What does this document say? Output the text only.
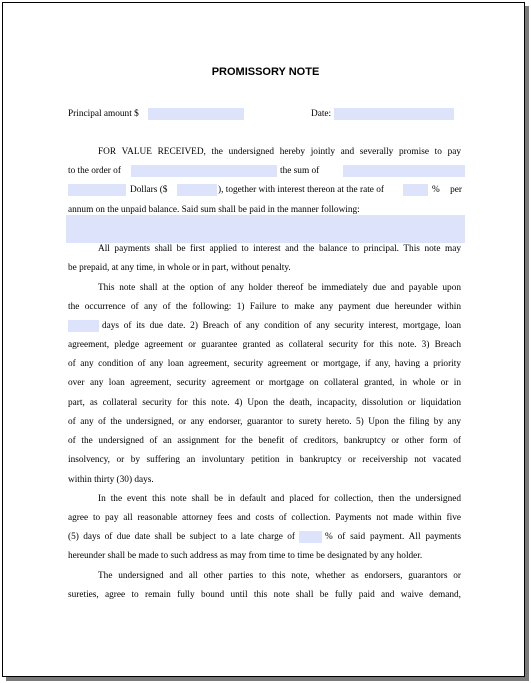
PROMISSORY NOTE
Principal amount $	Date:
FOR VALUE RECEIVED, the undersigned hereby jointly and severally promise to pay
to the order of	the sum of
Dollars ($	), together with interest thereon at the rate of	% per
annum on the unpaid balance. Said sum shall be paid in the manner following:
All payments shall be first applied to interest and the balance to principal. This note may
be prepaid, at any time, in whole or in part, without penalty.
This note shall at the option of any holder thereof be immediately due and payable upon
the occurrence of any of the following: 1) Failure to make any payment due hereunder within
days of its due date. 2) Breach of any condition of any security interest, mortgage, loan
agreement, pledge agreement or guarantee granted as collateral security for this note. 3) Breach
of any condition of any loan agreement, security agreement or mortgage, if any, having a priority
over any loan agreement, security agreement or mortgage on collateral granted, in whole or in
part, as collateral security for this note. 4) Upon the death, incapacity, dissolution or liquidation
of any of the undersigned, or any endorser, guarantor to surety hereto. 5) Upon the filing by any
of the undersigned of an assignment for the benefit of creditors, bankruptcy or other form of
insolvency, or by suffering an involuntary petition in bankruptcy or receivership not vacated
within thirty (30) days.
In the event this note shall be in default and placed for collection, then the undersigned
agree to pay all reasonable attorney fees and costs of collection. Payments not made within five
(5) days of due date shall be subject to a late charge of	% of said payment. All payments
hereunder shall be made to such address as may from time to time be designated by any holder.
The undersigned and all other parties to this note, whether as endorsers, guarantors or
sureties, agree to remain fully bound until this note shall be fully paid and waive demand,
